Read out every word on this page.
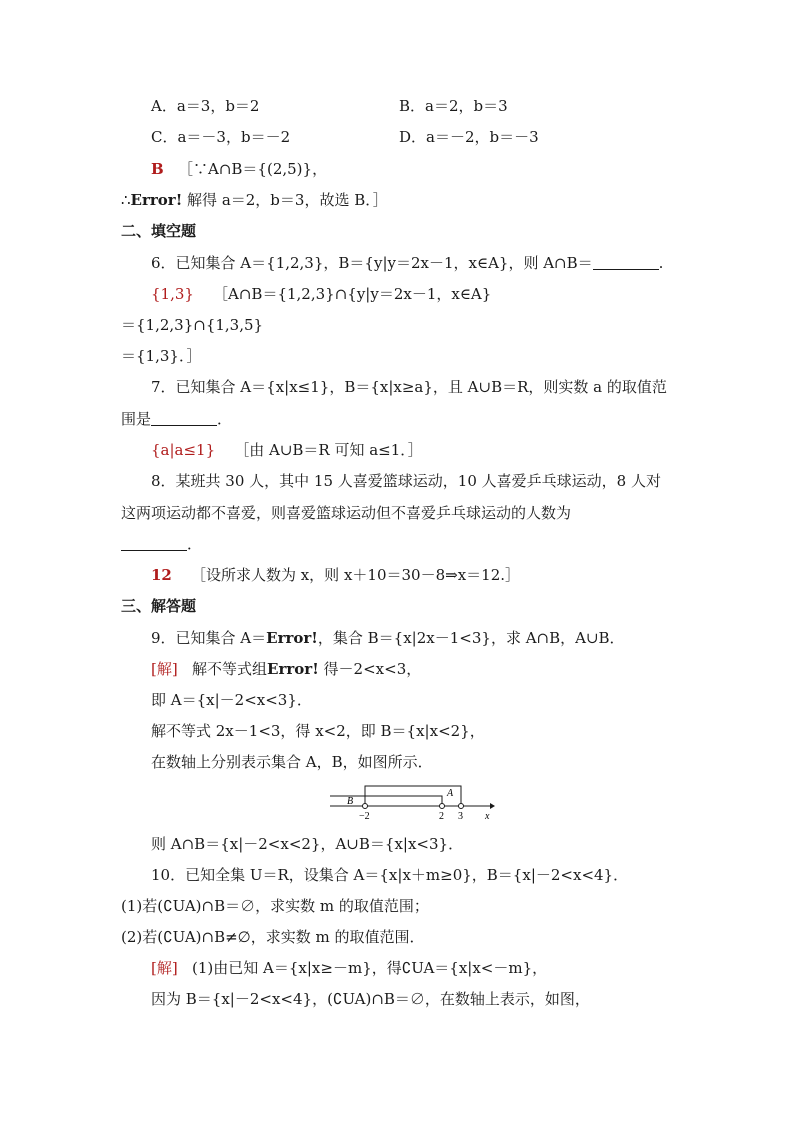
A．a＝3，b＝2	B．a＝2，b＝3
C．a＝－3，b＝－2	D．a＝－2，b＝－3
B ［∵A∩B＝{(2,5)}，
∴Error! 解得 a＝2，b＝3，故选 B．］
二、填空题
6．已知集合 A＝{1,2,3}，B＝{y|y＝2x－1，x∈A}，则 A∩B＝	.
{1,3} ［A∩B＝{1,2,3}∩{y|y＝2x－1，x∈A}
＝{1,2,3}∩{1,3,5}
＝{1,3}．］
7．已知集合 A＝{x|x≤1}，B＝{x|x≥a}，且 A∪B＝R，则实数 a 的取值范
围是	．
{a|a≤1} ［由 A∪B＝R 可知 a≤1．］
8．某班共 30 人，其中 15 人喜爱篮球运动，10 人喜爱乒乓球运动，8 人对
这两项运动都不喜爱，则喜爱篮球运动但不喜爱乒乓球运动的人数为
．
12 ［设所求人数为 x，则 x＋10＝30－8⇒x＝12.］
三、解答题
9．已知集合 A＝Error!，集合 B＝{x|2x－1<3}，求 A∩B，A∪B．
[解] 解不等式组Error! 得－2<x<3，
即 A＝{x|－2<x<3}．
解不等式 2x－1<3，得 x<2，即 B＝{x|x<2}，
在数轴上分别表示集合 A，B，如图所示．
B
A
−2	2 3 x
则 A∩B＝{x|－2<x<2}，A∪B＝{x|x<3}．
10．已知全集 U＝R，设集合 A＝{x|x＋m≥0}，B＝{x|－2<x<4}．
(1)若(∁UA)∩B＝∅，求实数 m 的取值范围；
(2)若(∁UA)∩B≠∅，求实数 m 的取值范围．
[解] (1)由已知 A＝{x|x≥－m}，得∁UA＝{x|x<－m}，
因为 B＝{x|－2<x<4}，(∁UA)∩B＝∅，在数轴上表示，如图，
